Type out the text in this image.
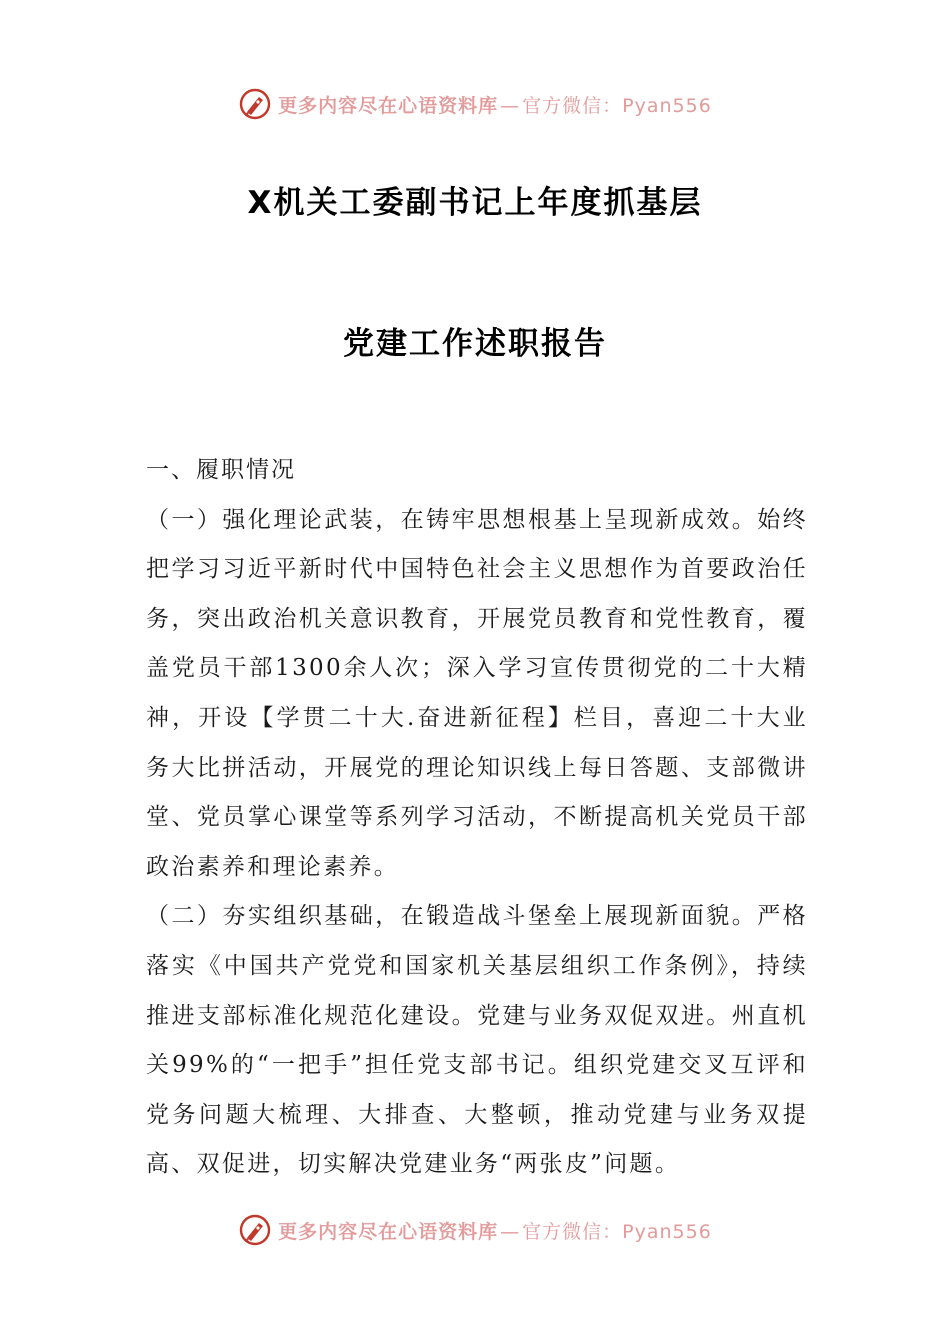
更多内容尽在心语资料库 — 官方微信：Pyan556
X机关工委副书记上年度抓基层
党建工作述职报告

一、履职情况

（一）强化理论武装，在铸牢思想根基上呈现新成效。始终把学习习近平新时代中国特色社会主义思想作为首要政治任务，突出政治机关意识教育，开展党员教育和党性教育，覆盖党员干部1300余人次；深入学习宣传贯彻党的二十大精神，开设【学贯二十大.奋进新征程】栏目，喜迎二十大业务大比拼活动，开展党的理论知识线上每日答题、支部微讲堂、党员掌心课堂等系列学习活动，不断提高机关党员干部政治素养和理论素养。

（二）夯实组织基础，在锻造战斗堡垒上展现新面貌。严格落实《中国共产党党和国家机关基层组织工作条例》，持续推进支部标准化规范化建设。党建与业务双促双进。州直机关99%的“一把手”担任党支部书记。组织党建交叉互评和党务问题大梳理、大排查、大整顿，推动党建与业务双提高、双促进，切实解决党建业务“两张皮”问题。

更多内容尽在心语资料库 — 官方微信：Pyan556
